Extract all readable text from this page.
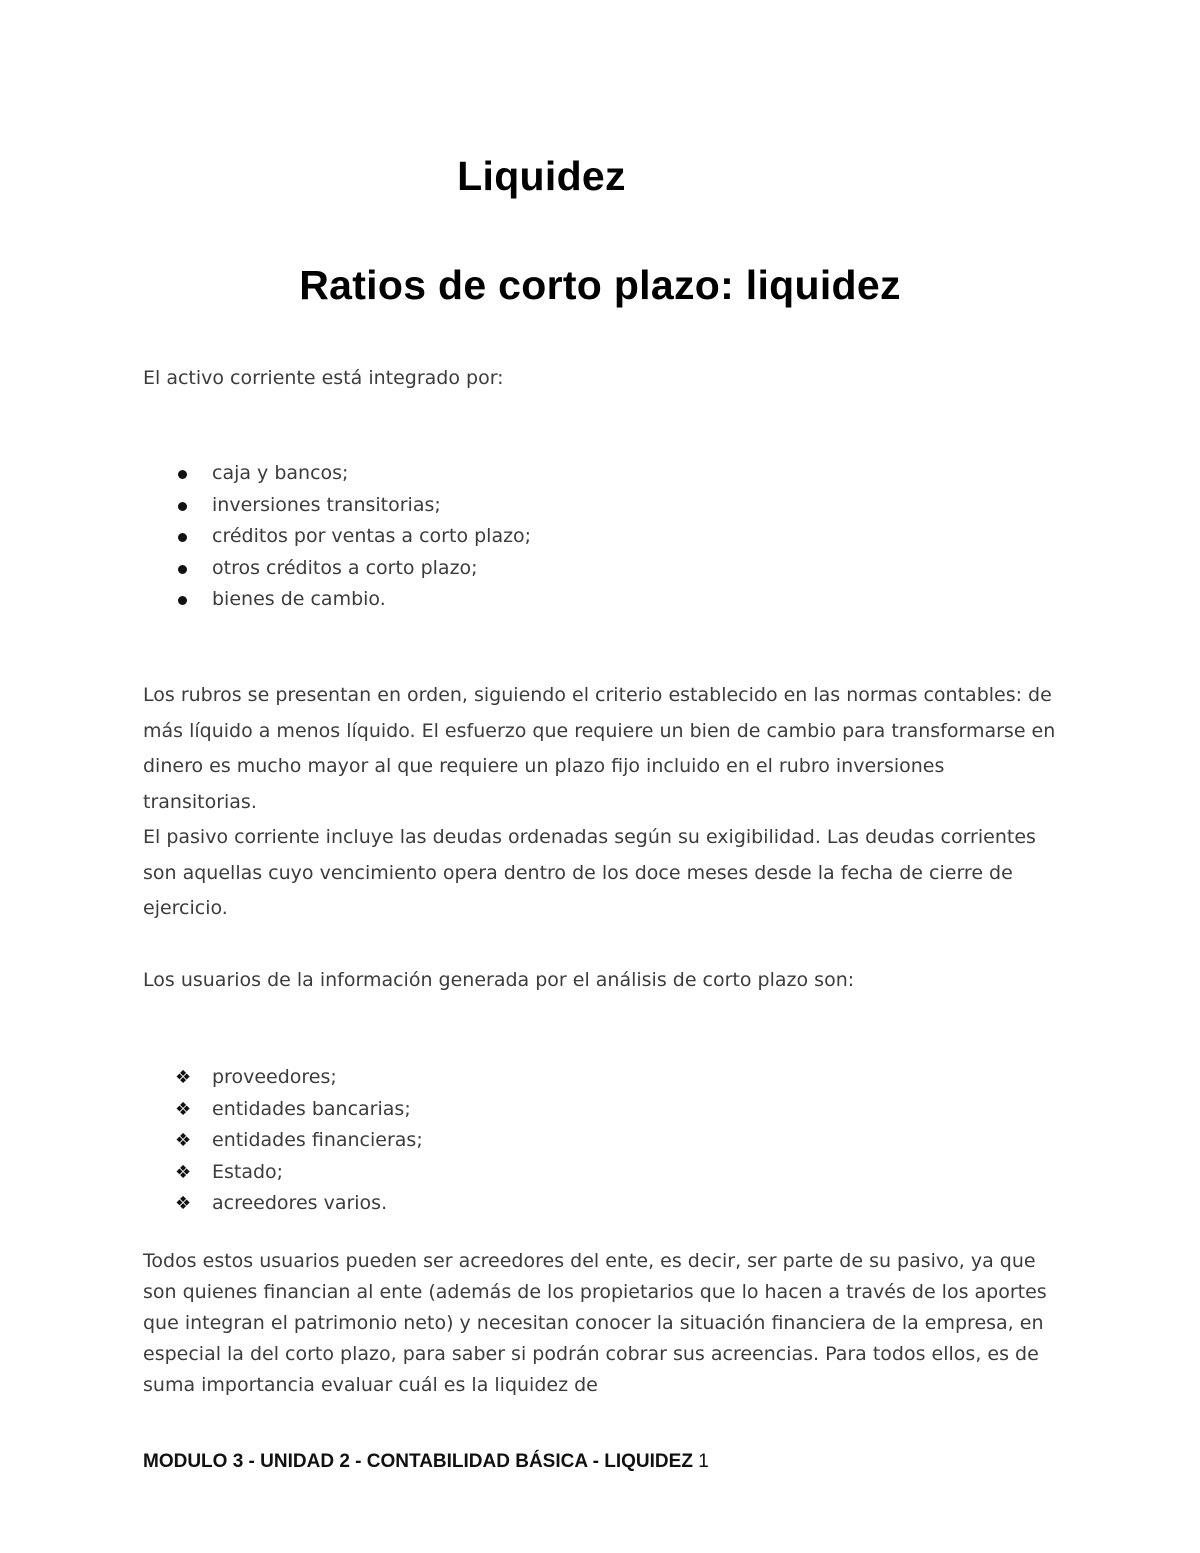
Liquidez
Ratios de corto plazo: liquidez

El activo corriente está integrado por:

caja y bancos;
inversiones transitorias;
créditos por ventas a corto plazo;
otros créditos a corto plazo;
bienes de cambio.
Los rubros se presentan en orden, siguiendo el criterio establecido en las normas contables: de más líquido a menos líquido. El esfuerzo que requiere un bien de cambio para transformarse en dinero es mucho mayor al que requiere un plazo fijo incluido en el rubro inversiones transitorias.
El pasivo corriente incluye las deudas ordenadas según su exigibilidad. Las deudas corrientes son aquellas cuyo vencimiento opera dentro de los doce meses desde la fecha de cierre de ejercicio.

Los usuarios de la información generada por el análisis de corto plazo son:

❖ proveedores;
❖ entidades bancarias;
❖ entidades financieras;
❖ Estado;
❖ acreedores varios.

Todos estos usuarios pueden ser acreedores del ente, es decir, ser parte de su pasivo, ya que son quienes financian al ente (además de los propietarios que lo hacen a través de los aportes que integran el patrimonio neto) y necesitan conocer la situación financiera de la empresa, en especial la del corto plazo, para saber si podrán cobrar sus acreencias. Para todos ellos, es de suma importancia evaluar cuál es la liquidez de

MODULO 3 - UNIDAD 2 - CONTABILIDAD BÁSICA - LIQUIDEZ 1
